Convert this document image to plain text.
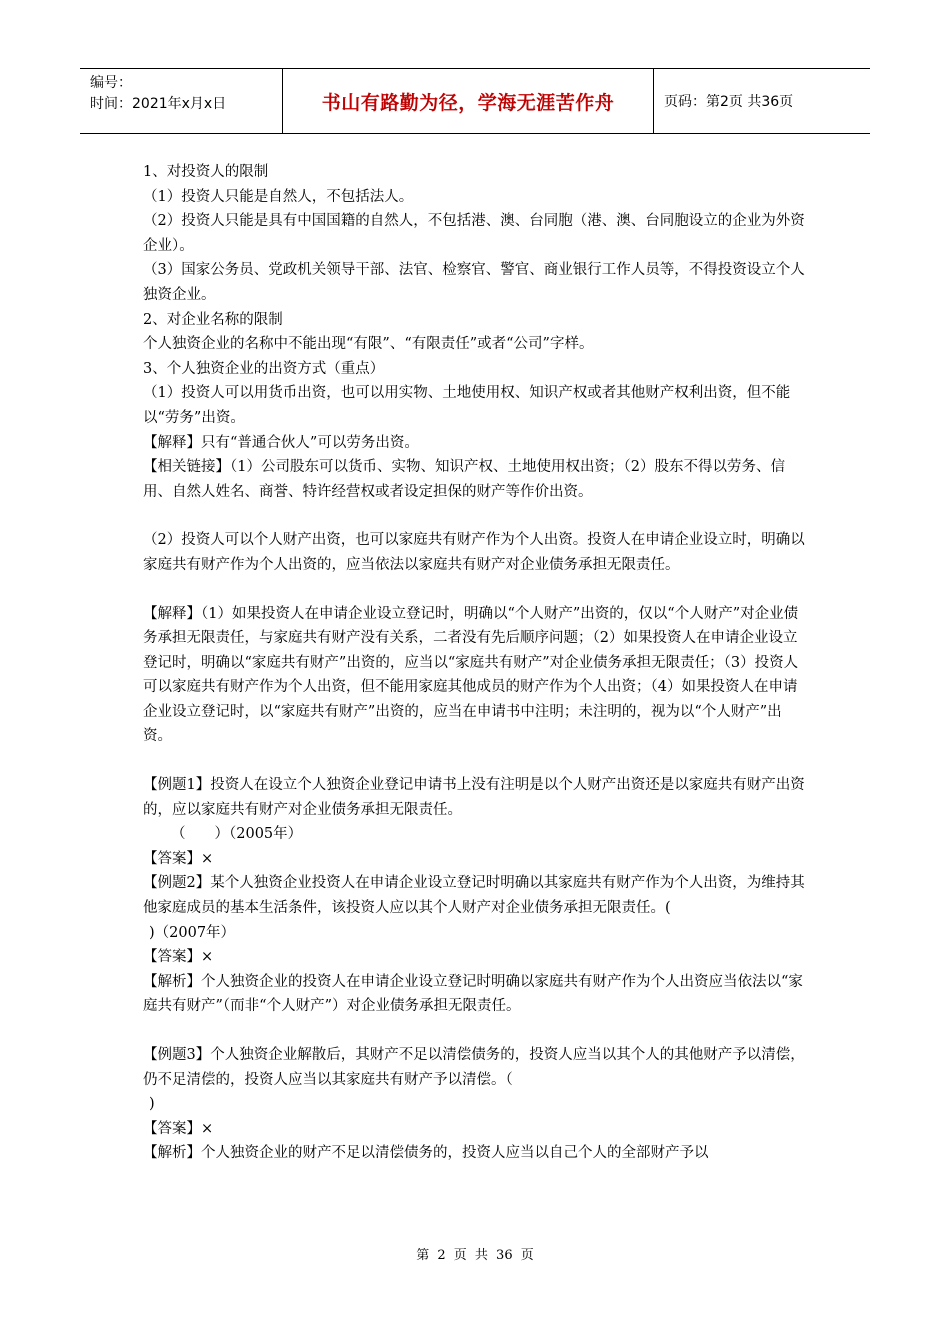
编号：
时间：2021年x月x日	书山有路勤为径，学海无涯苦作舟	页码：第2页 共36页

1、对投资人的限制

（1）投资人只能是自然人，不包括法人。

（2）投资人只能是具有中国国籍的自然人，不包括港、澳、台同胞（港、澳、台同胞设立的企业为外资企业）。

（3）国家公务员、党政机关领导干部、法官、检察官、警官、商业银行工作人员等，不得投资设立个人独资企业。

2、对企业名称的限制

个人独资企业的名称中不能出现“有限”、“有限责任”或者“公司”字样。

3、个人独资企业的出资方式（重点）

（1）投资人可以用货币出资，也可以用实物、土地使用权、知识产权或者其他财产权利出资，但不能以“劳务”出资。

【解释】只有“普通合伙人”可以劳务出资。

【相关链接】（1）公司股东可以货币、实物、知识产权、土地使用权出资；（2）股东不得以劳务、信用、自然人姓名、商誉、特许经营权或者设定担保的财产等作价出资。

（2）投资人可以个人财产出资，也可以家庭共有财产作为个人出资。投资人在申请企业设立时，明确以家庭共有财产作为个人出资的，应当依法以家庭共有财产对企业债务承担无限责任。

【解释】（1）如果投资人在申请企业设立登记时，明确以“个人财产”出资的，仅以“个人财产”对企业债务承担无限责任，与家庭共有财产没有关系，二者没有先后顺序问题；（2）如果投资人在申请企业设立登记时，明确以“家庭共有财产”出资的，应当以“家庭共有财产”对企业债务承担无限责任；（3）投资人可以家庭共有财产作为个人出资，但不能用家庭其他成员的财产作为个人出资；（4）如果投资人在申请企业设立登记时，以“家庭共有财产”出资的，应当在申请书中注明；未注明的，视为以“个人财产”出资。

【例题1】投资人在设立个人独资企业登记申请书上没有注明是以个人财产出资还是以家庭共有财产出资的，应以家庭共有财产对企业债务承担无限责任。

（　　）（2005年）

【答案】×

【例题2】某个人独资企业投资人在申请企业设立登记时明确以其家庭共有财产作为个人出资，为维持其他家庭成员的基本生活条件，该投资人应以其个人财产对企业债务承担无限责任。(

)（2007年）

【答案】×

【解析】个人独资企业的投资人在申请企业设立登记时明确以家庭共有财产作为个人出资应当依法以“家庭共有财产”（而非“个人财产”）对企业债务承担无限责任。

【例题3】个人独资企业解散后，其财产不足以清偿债务的，投资人应当以其个人的其他财产予以清偿，仍不足清偿的，投资人应当以其家庭共有财产予以清偿。（

)

【答案】×

【解析】个人独资企业的财产不足以清偿债务的，投资人应当以自己个人的全部财产予以

第 2 页 共 36 页
